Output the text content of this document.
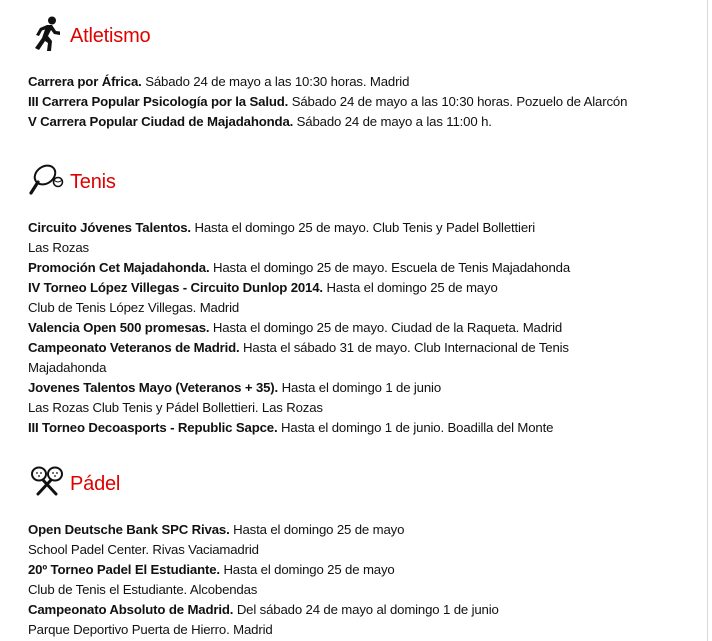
Atletismo
Carrera por África. Sábado 24 de mayo a las 10:30 horas. Madrid
III Carrera Popular Psicología por la Salud. Sábado 24 de mayo a las 10:30 horas. Pozuelo de Alarcón
V Carrera Popular Ciudad de Majadahonda. Sábado 24 de mayo a las 11:00 h.
Tenis
Circuito Jóvenes Talentos. Hasta el domingo 25 de mayo. Club Tenis y Padel Bollettieri
Las Rozas
Promoción Cet Majadahonda. Hasta el domingo 25 de mayo. Escuela de Tenis Majadahonda
IV Torneo López Villegas - Circuito Dunlop 2014. Hasta el domingo 25 de mayo
Club de Tenis López Villegas. Madrid
Valencia Open 500 promesas. Hasta el domingo 25 de mayo. Ciudad de la Raqueta. Madrid
Campeonato Veteranos de Madrid. Hasta el sábado 31 de mayo. Club Internacional de Tenis
Majadahonda
Jovenes Talentos Mayo (Veteranos + 35). Hasta el domingo 1 de junio
Las Rozas Club Tenis y Pádel Bollettieri. Las Rozas
III Torneo Decoasports - Republic Sapce. Hasta el domingo 1 de junio. Boadilla del Monte
Pádel
Open Deutsche Bank SPC Rivas. Hasta el domingo 25 de mayo
School Padel Center. Rivas Vaciamadrid
20º Torneo Padel El Estudiante. Hasta el domingo 25 de mayo
Club de Tenis el Estudiante. Alcobendas
Campeonato Absoluto de Madrid. Del sábado 24 de mayo al domingo 1 de junio
Parque Deportivo Puerta de Hierro. Madrid
